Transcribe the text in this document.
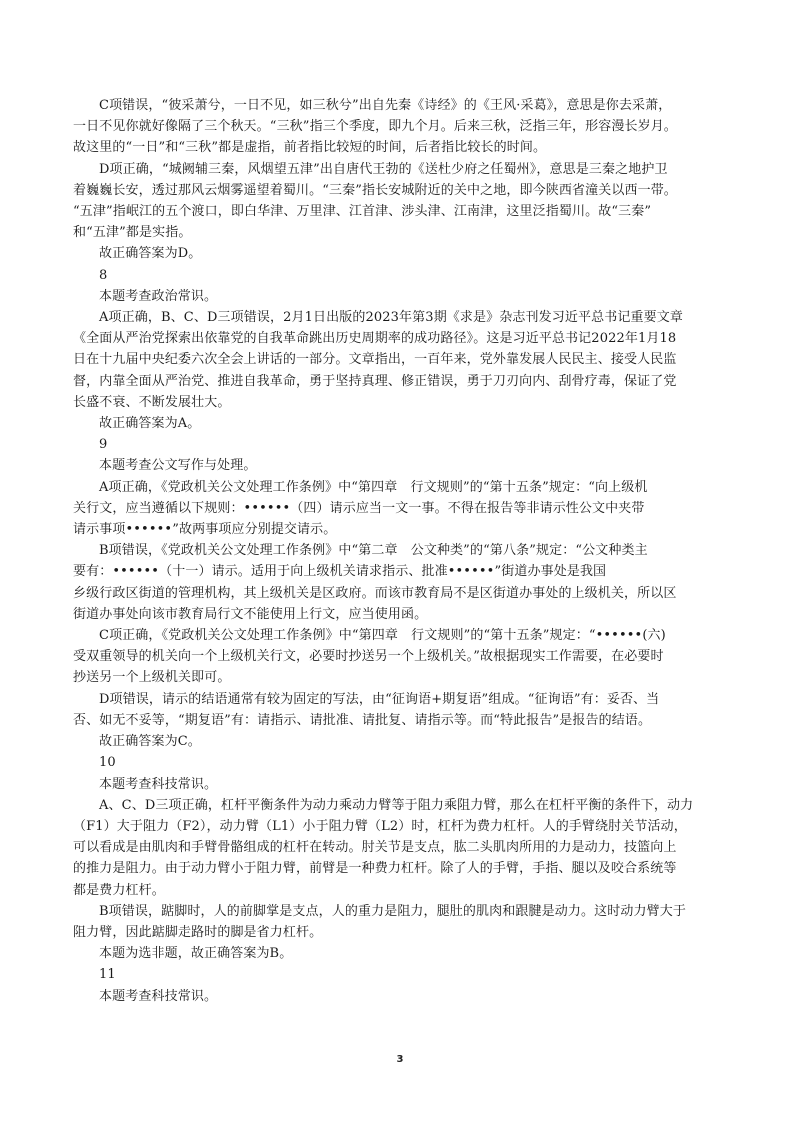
C项错误，“彼采萧兮，一日不见，如三秋兮”出自先秦《诗经》的《王风·采葛》，意思是你去采萧，
一日不见你就好像隔了三个秋天。“三秋”指三个季度，即九个月。后来三秋，泛指三年，形容漫长岁月。
故这里的“一日”和“三秋”都是虚指，前者指比较短的时间，后者指比较长的时间。
D项正确，“城阙辅三秦，风烟望五津”出自唐代王勃的《送杜少府之任蜀州》，意思是三秦之地护卫
着巍巍长安，透过那风云烟雾遥望着蜀川。“三秦”指长安城附近的关中之地，即今陕西省潼关以西一带。
“五津”指岷江的五个渡口，即白华津、万里津、江首津、涉头津、江南津，这里泛指蜀川。故“三秦”
和“五津”都是实指。
故正确答案为D。
8
本题考查政治常识。
A项正确，B、C、D三项错误，2月1日出版的2023年第3期《求是》杂志刊发习近平总书记重要文章
《全面从严治党探索出依靠党的自我革命跳出历史周期率的成功路径》。这是习近平总书记2022年1月18
日在十九届中央纪委六次全会上讲话的一部分。文章指出，一百年来，党外靠发展人民民主、接受人民监
督，内靠全面从严治党、推进自我革命，勇于坚持真理、修正错误，勇于刀刃向内、刮骨疗毒，保证了党
长盛不衰、不断发展壮大。
故正确答案为A。
9
本题考查公文写作与处理。
A项正确，《党政机关公文处理工作条例》中“第四章　行文规则”的“第十五条”规定：“向上级机
关行文，应当遵循以下规则：••••••（四）请示应当一文一事。不得在报告等非请示性公文中夹带
请示事项••••••”故两事项应分别提交请示。
B项错误，《党政机关公文处理工作条例》中“第二章　公文种类”的“第八条”规定：“公文种类主
要有：••••••（十一）请示。适用于向上级机关请求指示、批准••••••”街道办事处是我国
乡级行政区街道的管理机构，其上级机关是区政府。而该市教育局不是区街道办事处的上级机关，所以区
街道办事处向该市教育局行文不能使用上行文，应当使用函。
C项正确，《党政机关公文处理工作条例》中“第四章　行文规则”的“第十五条”规定：“••••••(六)
受双重领导的机关向一个上级机关行文，必要时抄送另一个上级机关。”故根据现实工作需要，在必要时
抄送另一个上级机关即可。
D项错误，请示的结语通常有较为固定的写法，由“征询语+期复语”组成。“征询语”有：妥否、当
否、如无不妥等，“期复语”有：请指示、请批准、请批复、请指示等。而“特此报告”是报告的结语。
故正确答案为C。
10
本题考查科技常识。
A、C、D三项正确，杠杆平衡条件为动力乘动力臂等于阻力乘阻力臂，那么在杠杆平衡的条件下，动力
（F1）大于阻力（F2），动力臂（L1）小于阻力臂（L2）时，杠杆为费力杠杆。人的手臂绕肘关节活动，
可以看成是由肌肉和手臂骨骼组成的杠杆在转动。肘关节是支点，肱二头肌肉所用的力是动力，技篮向上
的推力是阻力。由于动力臂小于阻力臂，前臂是一种费力杠杆。除了人的手臂，手指、腿以及咬合系统等
都是费力杠杆。
B项错误，踮脚时，人的前脚掌是支点，人的重力是阻力，腿肚的肌肉和跟腱是动力。这时动力臂大于
阻力臂，因此踮脚走路时的脚是省力杠杆。
本题为选非题，故正确答案为B。
11
本题考查科技常识。
3
